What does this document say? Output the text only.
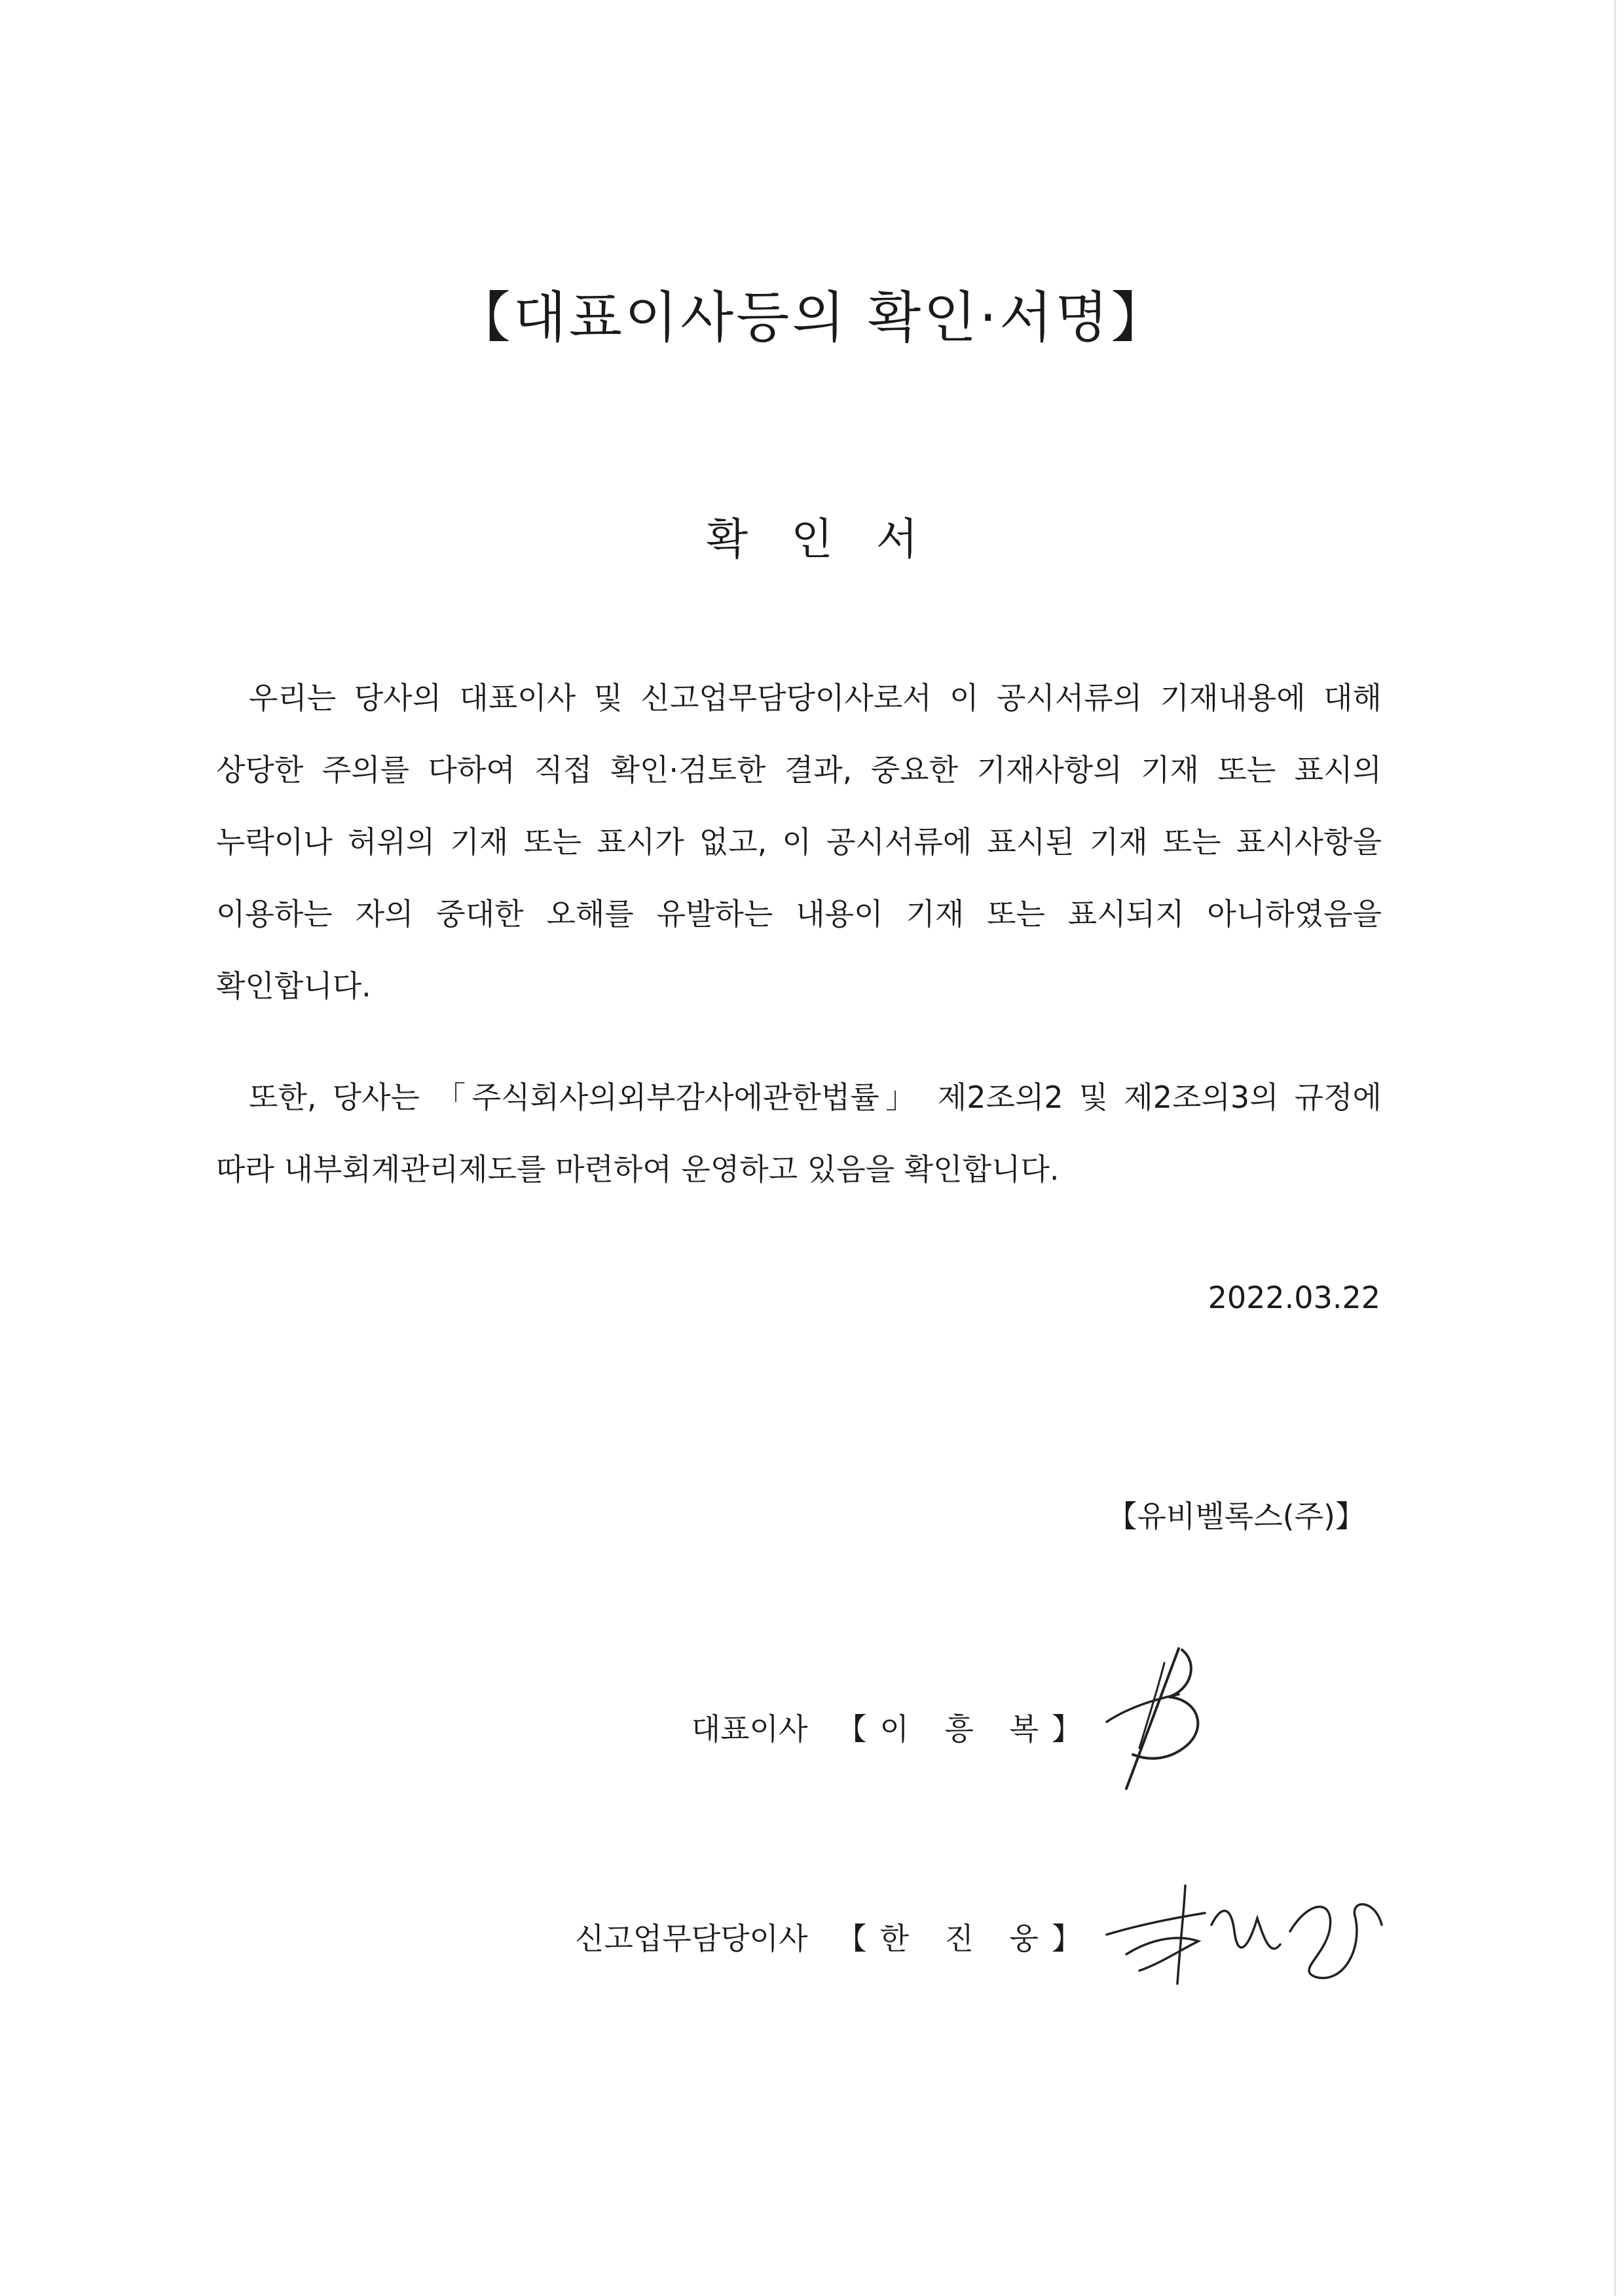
【대표이사등의 확인·서명】
확인서

우리는 당사의 대표이사 및 신고업무담당이사로서 이 공시서류의 기재내용에 대해 상당한 주의를 다하여 직접 확인·검토한 결과, 중요한 기재사항의 기재 또는 표시의 누락이나 허위의 기재 또는 표시가 없고, 이 공시서류에 표시된 기재 또는 표시사항을 이용하는 자의 중대한 오해를 유발하는 내용이 기재 또는 표시되지 아니하였음을 확인합니다.

또한, 당사는 「주식회사의외부감사에관한법률」 제2조의2 및 제2조의3의 규정에 따라 내부회계관리제도를 마련하여 운영하고 있음을 확인합니다.

2022.03.22
【유비벨록스(주)】
대표이사 【이 흥 복】
신고업무담당이사 【한 진 웅】
